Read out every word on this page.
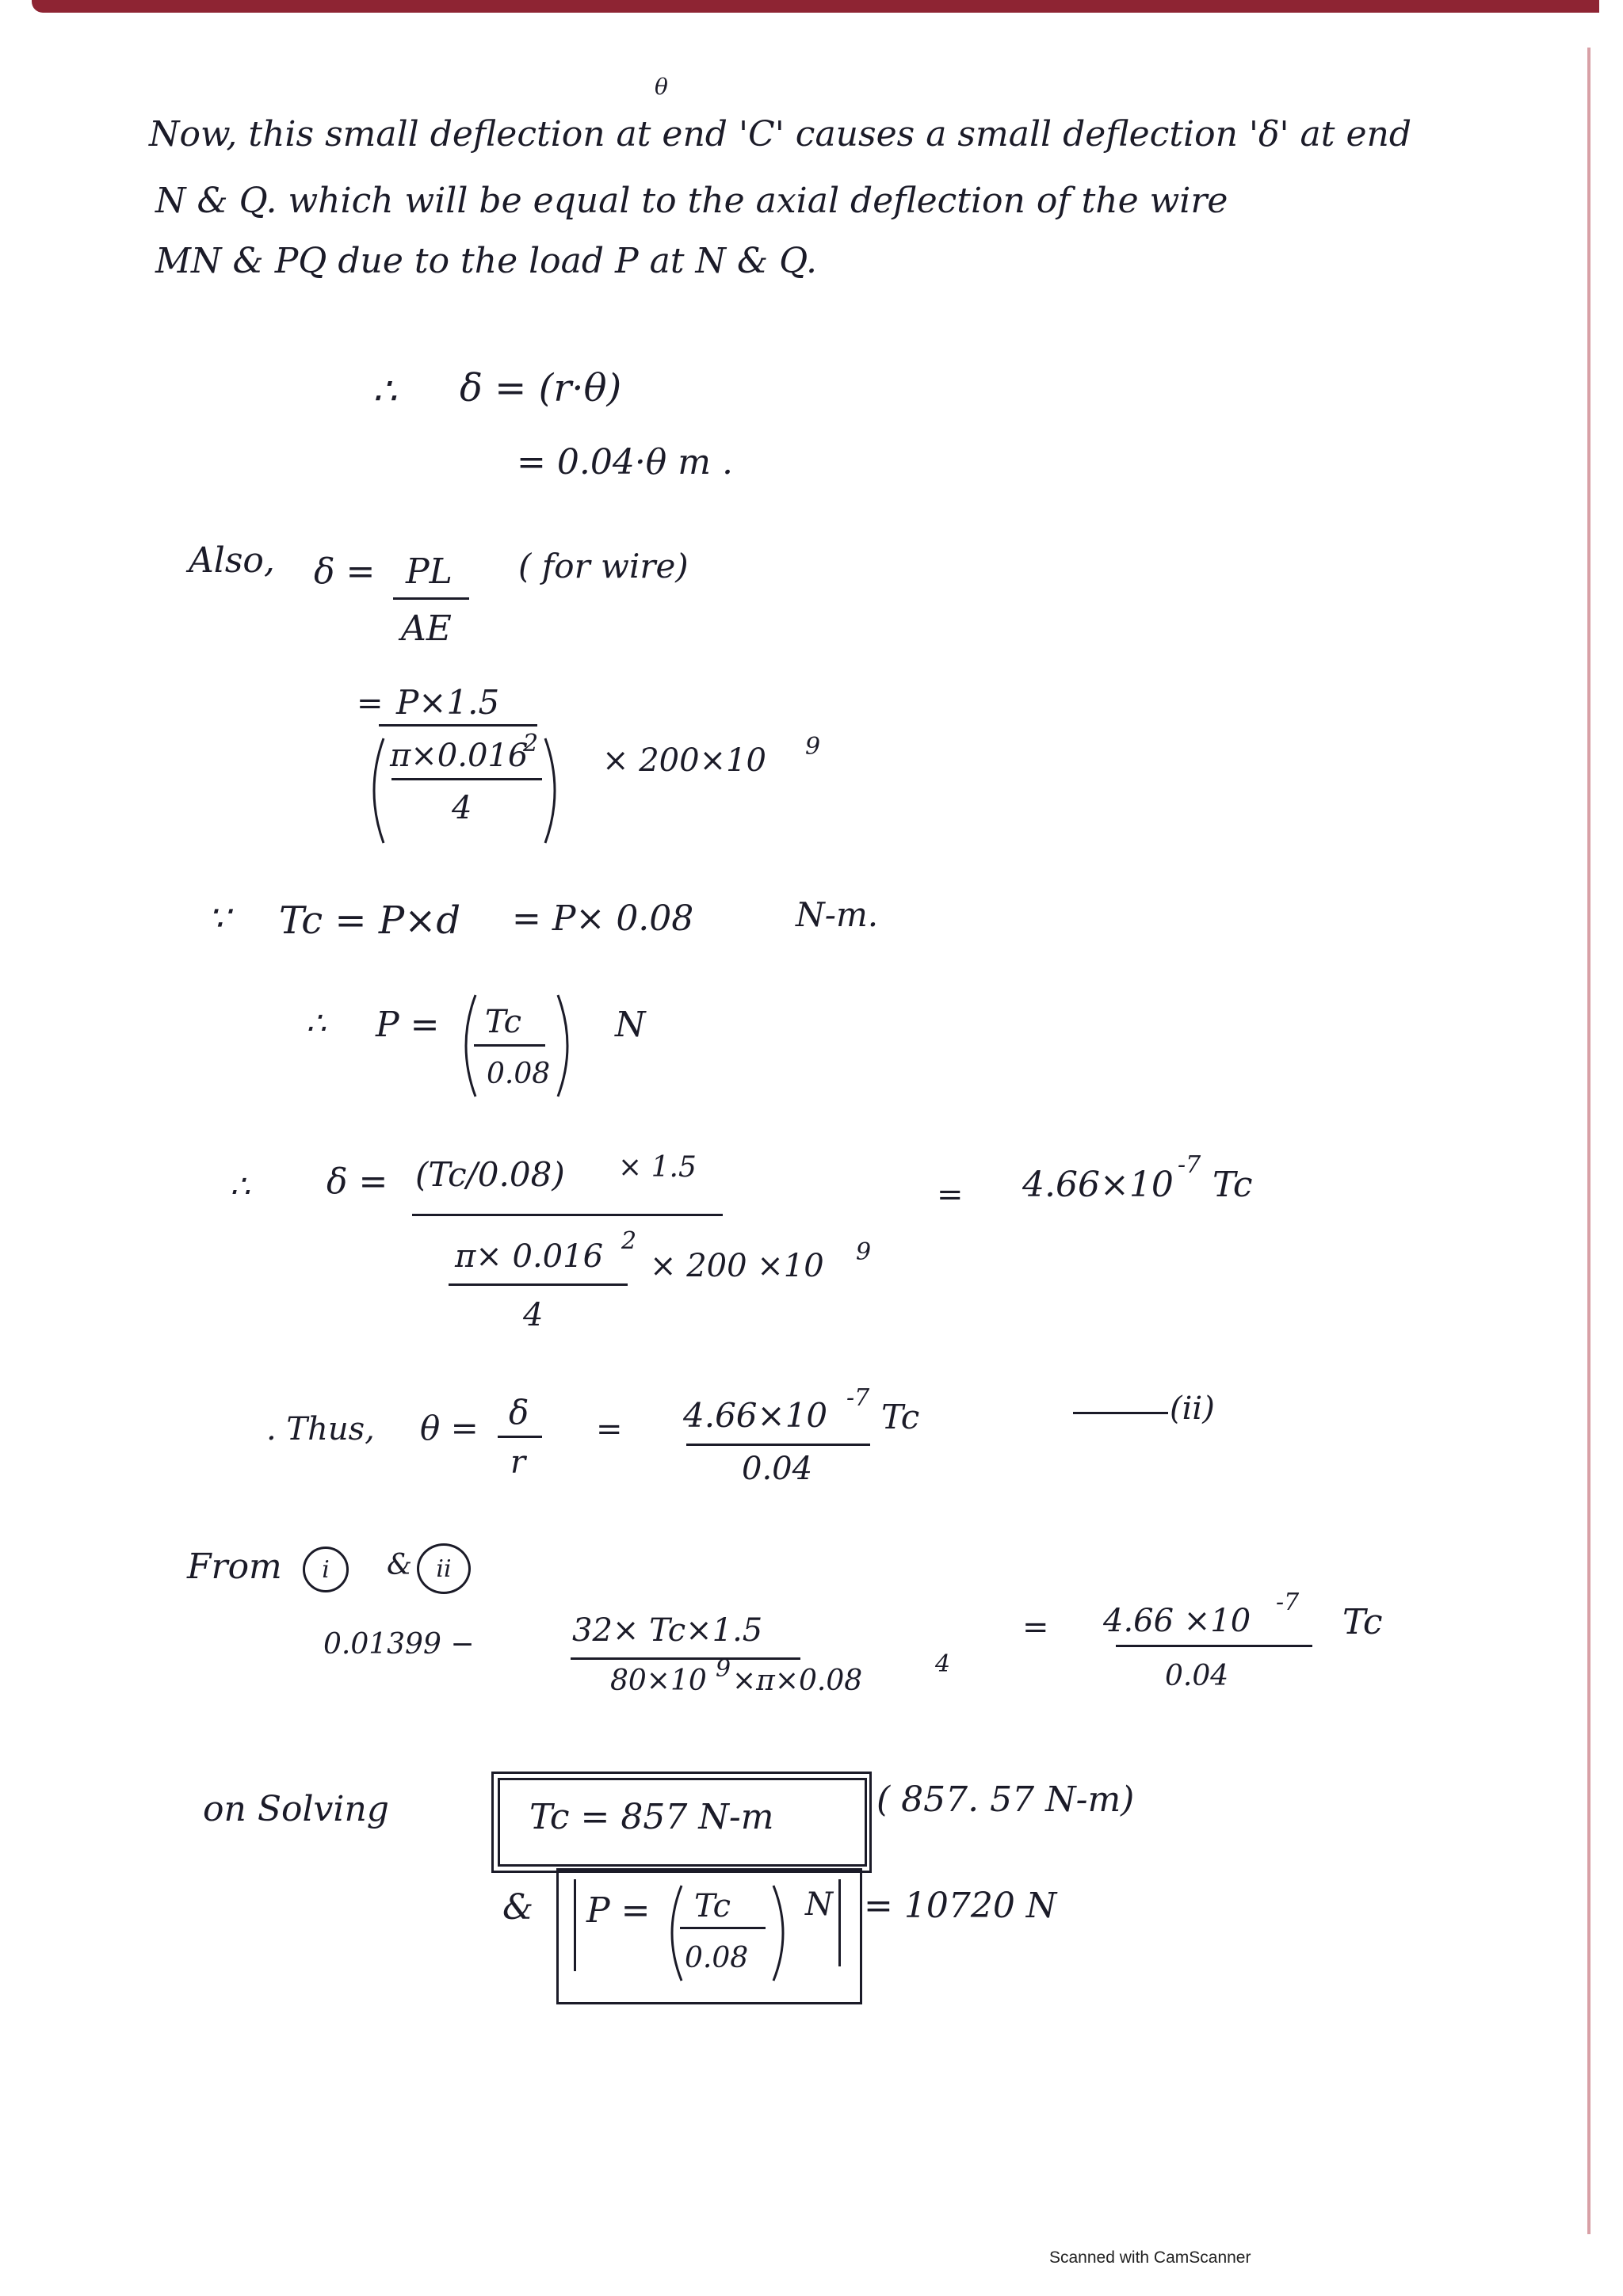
θ
Now, this small deflection at end 'C' causes a small deflection 'δ' at end
N & Q. which will be equal to the axial deflection of the wire
MN & PQ due to the load P at N & Q.
∴ δ = (r·θ)
= 0.04·θ m .
Also, δ = PL
AE
( for wire)
= P×1.5
π×0.016
2
4
× 200×10 9
∵ Tc = P×d = P× 0.08	N-m.
∴ P = Tc
0.08
N
∴ δ = (Tc/0.08) × 1.5
π× 0.016 2
× 200 ×10 9
4
= 4.66×10 -7 Tc
. Thus, θ = δ
r
= 4.66×10 -7 Tc
0.04
(ii)
From i & ii
0.01399 −	32× Tc×1.5
80×10 9 ×π×0.08
4
= 4.66 ×10
-7 Tc
0.04
on Solving	Tc = 857 N-m	( 857. 57 N-m)
& P = Tc
0.08
N = 10720 N
Scanned with CamScanner
